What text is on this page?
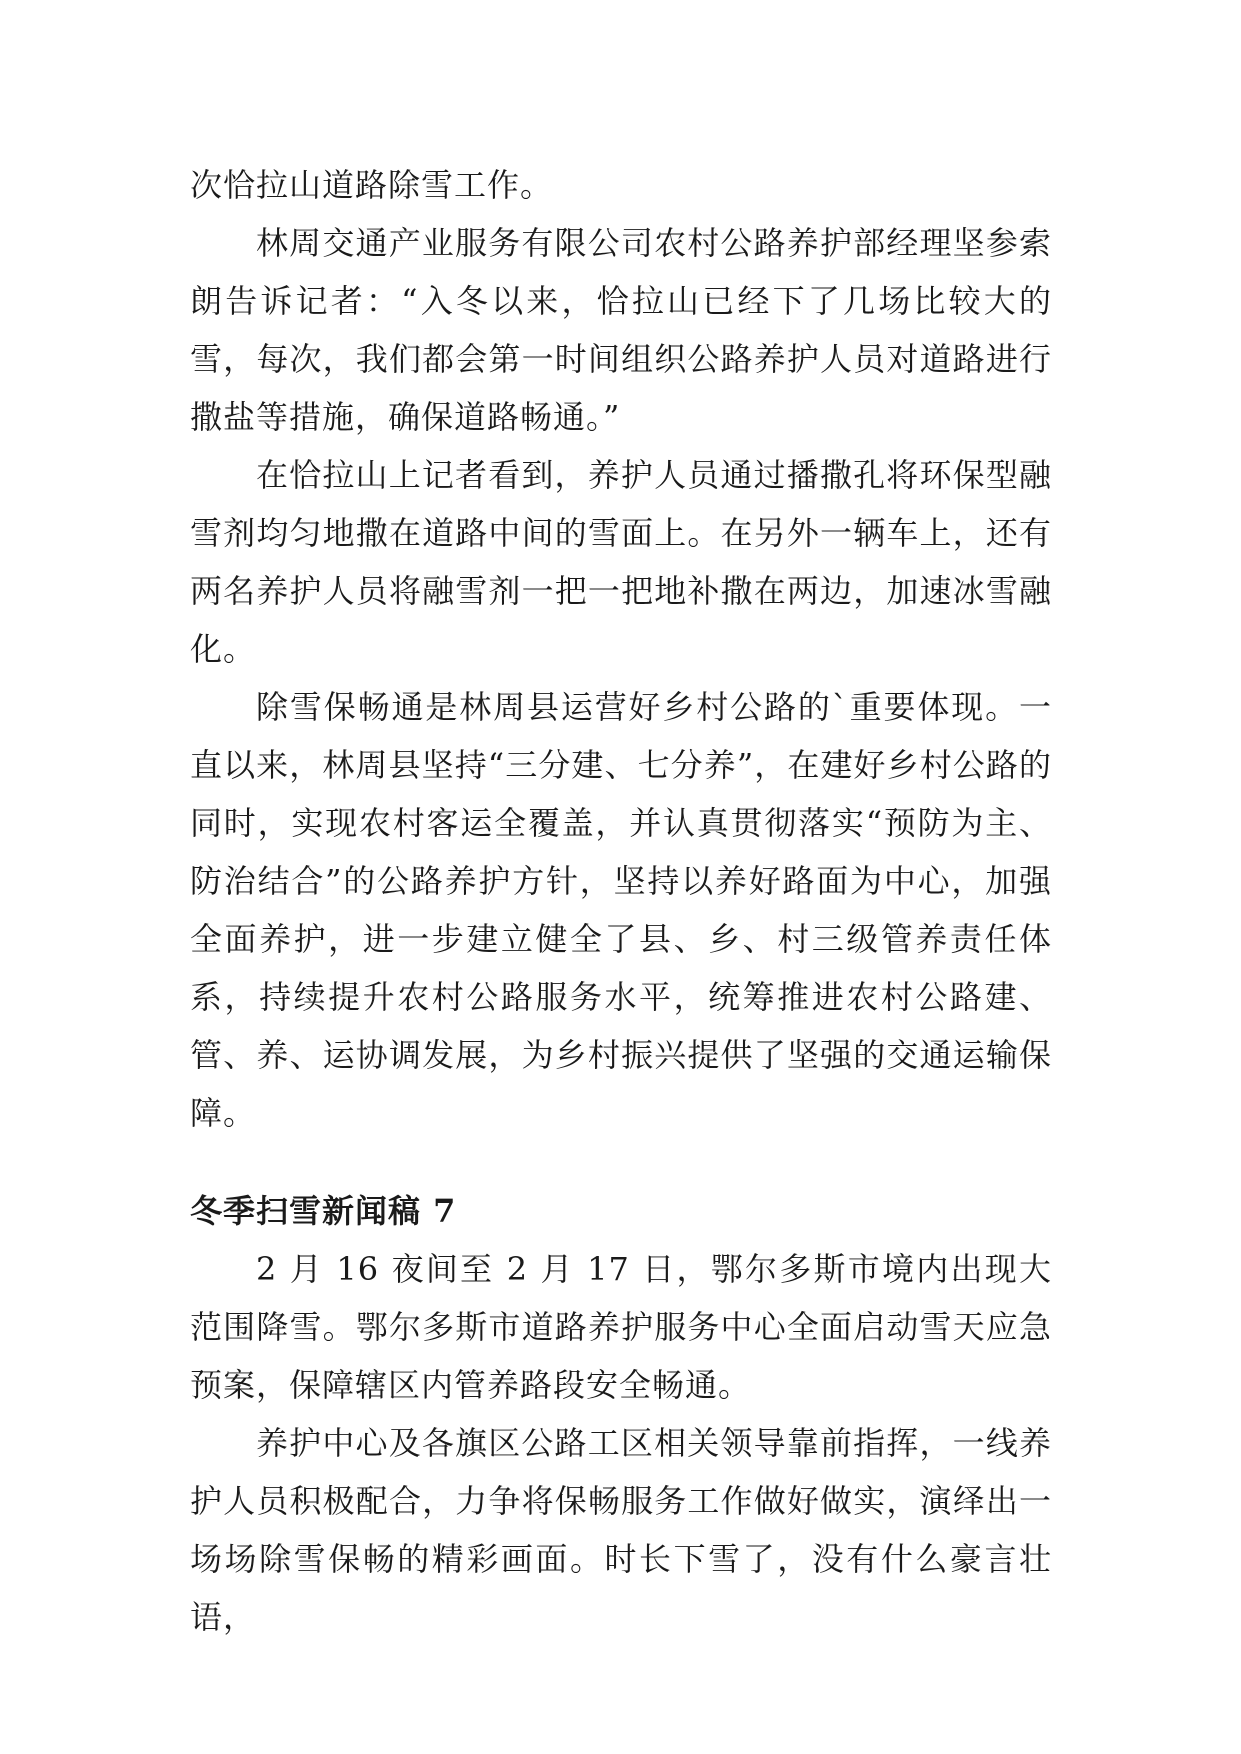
次恰拉山道路除雪工作。

林周交通产业服务有限公司农村公路养护部经理坚参索朗告诉记者：“入冬以来，恰拉山已经下了几场比较大的雪，每次，我们都会第一时间组织公路养护人员对道路进行撒盐等措施，确保道路畅通。”

在恰拉山上记者看到，养护人员通过播撒孔将环保型融雪剂均匀地撒在道路中间的雪面上。在另外一辆车上，还有两名养护人员将融雪剂一把一把地补撒在两边，加速冰雪融化。

除雪保畅通是林周县运营好乡村公路的`重要体现。一直以来，林周县坚持“三分建、七分养”，在建好乡村公路的同时，实现农村客运全覆盖，并认真贯彻落实“预防为主、防治结合”的公路养护方针，坚持以养好路面为中心，加强全面养护，进一步建立健全了县、乡、村三级管养责任体系，持续提升农村公路服务水平，统筹推进农村公路建、管、养、运协调发展，为乡村振兴提供了坚强的交通运输保障。

冬季扫雪新闻稿 7

2 月 16 夜间至 2 月 17 日，鄂尔多斯市境内出现大范围降雪。鄂尔多斯市道路养护服务中心全面启动雪天应急预案，保障辖区内管养路段安全畅通。

养护中心及各旗区公路工区相关领导靠前指挥，一线养护人员积极配合，力争将保畅服务工作做好做实，演绎出一场场除雪保畅的精彩画面。时长下雪了，没有什么豪言壮语，
